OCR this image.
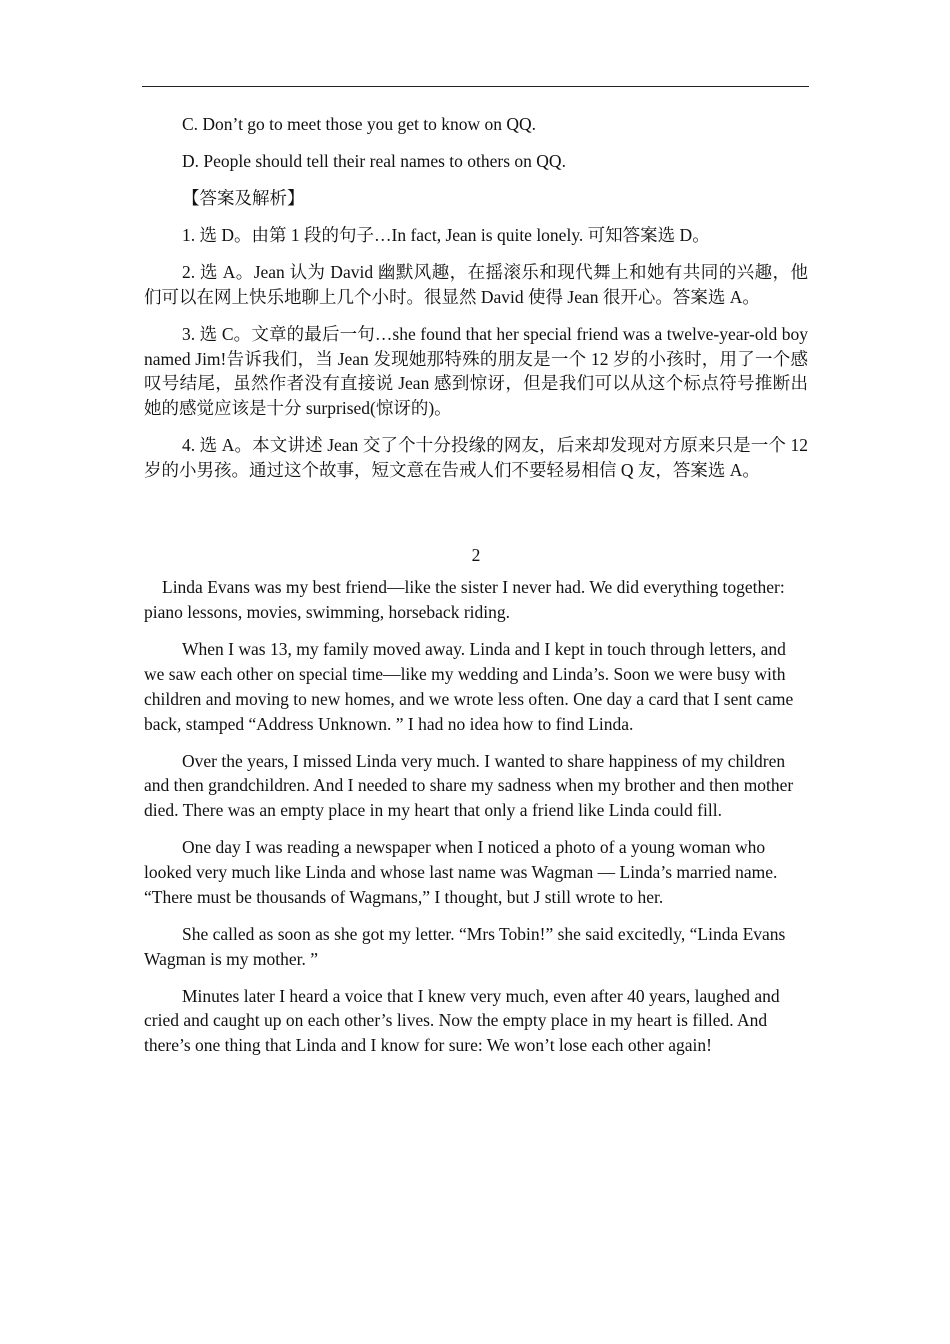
C. Don’t go to meet those you get to know on QQ.

D. People should tell their real names to others on QQ.

【答案及解析】

1. 选 D。由第 1 段的句子…In fact, Jean is quite lonely. 可知答案选 D。

2. 选 A。Jean 认为 David 幽默风趣，在摇滚乐和现代舞上和她有共同的兴趣，他们可以在网上快乐地聊上几个小时。很显然 David 使得 Jean 很开心。答案选 A。

3. 选 C。文章的最后一句…she found that her special friend was a twelve-year-old boy named Jim!告诉我们，当 Jean 发现她那特殊的朋友是一个 12 岁的小孩时，用了一个感叹号结尾，虽然作者没有直接说 Jean 感到惊讶，但是我们可以从这个标点符号推断出她的感觉应该是十分 surprised(惊讶的)。

4. 选 A。本文讲述 Jean 交了个十分投缘的网友，后来却发现对方原来只是一个 12 岁的小男孩。通过这个故事，短文意在告戒人们不要轻易相信 Q 友，答案选 A。

2

Linda Evans was my best friend—like the sister I never had. We did everything together: piano lessons, movies, swimming, horseback riding.

When I was 13, my family moved away. Linda and I kept in touch through letters, and we saw each other on special time—like my wedding and Linda’s. Soon we were busy with children and moving to new homes, and we wrote less often. One day a card that I sent came back, stamped “Address Unknown. ” I had no idea how to find Linda.

Over the years, I missed Linda very much. I wanted to share happiness of my children and then grandchildren. And I needed to share my sadness when my brother and then mother died. There was an empty place in my heart that only a friend like Linda could fill.

One day I was reading a newspaper when I noticed a photo of a young woman who looked very much like Linda and whose last name was Wagman — Linda’s married name. “There must be thousands of Wagmans,” I thought, but J still wrote to her.

She called as soon as she got my letter. “Mrs Tobin!” she said excitedly, “Linda Evans Wagman is my mother. ”

Minutes later I heard a voice that I knew very much, even after 40 years, laughed and cried and caught up on each other’s lives. Now the empty place in my heart is filled. And there’s one thing that Linda and I know for sure: We won’t lose each other again!
